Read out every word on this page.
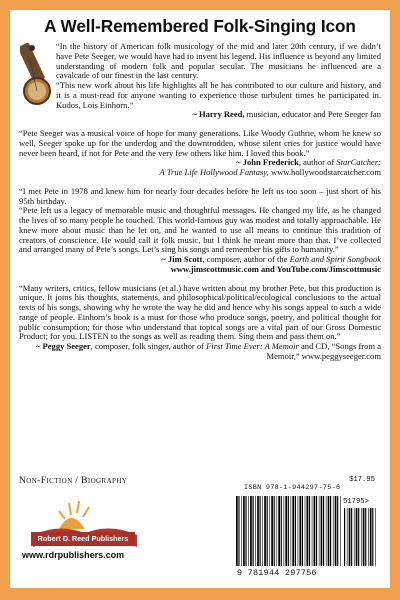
A Well-Remembered Folk-Singing Icon

“In the history of American folk musicology of the mid and later 20th century, if we didn’t have Pete Seeger, we would have had to invent his legend. His influence is beyond any limited understanding of modern folk and popular secular. The musicians he influenced are a cavalcade of our finest in the last century.

“This new work about his life highlights all he has contributed to our culture and history, and it is a must-read for anyone wanting to experience those turbulent times he participated in. Kudos, Lois Einhorn.”

~ Harry Reed, musician, educator and Pete Seeger fan

“Pete Seeger was a musical voice of hope for many generations. Like Woody Guthrie, whom he knew so well, Seeger spoke up for the underdog and the downtrodden, whose silent cries for justice would have never been heard, if not for Pete and the very few others like him. I loved this book.”

~ John Frederick, author of StarCatcher:
A True Life Hollywood Fantasy, www.hollywoodstarcatcher.com

“I met Pete in 1978 and knew him for nearly four decades before he left us too soon – just short of his 95th birthday.

“Pete left us a legacy of memorable music and thoughtful messages. He changed my life, as he changed the lives of so many people he touched. This world-famous guy was modest and totally approachable. He knew more about music than he let on, and he wanted to use all means to continue this tradition of creators of conscience. He would call it folk music, but I think he meant more than that. I’ve collected and arranged many of Pete’s songs. Let’s sing his songs and remember his gifts to humanity.”

~ Jim Scott, composer, author of the Earth and Spirit Songbook
www.jimscottmusic.com and YouTube.com/Jimscottmusic

“Many writers, critics, fellow musicians (et al.) have written about my brother Pete, but this production is unique. It joins his thoughts, statements, and philosophical/political/ecological conclusions to the actual texts of his songs, showing why he wrote the way he did and hence why his songs appeal to such a wide range of people. Einhorn’s book is a must for those who produce songs, poetry, and political thought for public consumption; for those who understand that topical songs are a vital part of our Gross Domestic Product; for you. LISTEN to the songs as well as reading them. Sing them and pass them on.”

~ Peggy Seeger, composer, folk singer, author of First Time Ever: A Memoir and CD, “Songs from a Memoir,” www.peggyseeger.com
Non-Fiction / Biography
Robert D. Reed Publishers
www.rdrpublishers.com
$17.95
ISBN 978-1-944297-75-6
51795>
9 781944 297756
